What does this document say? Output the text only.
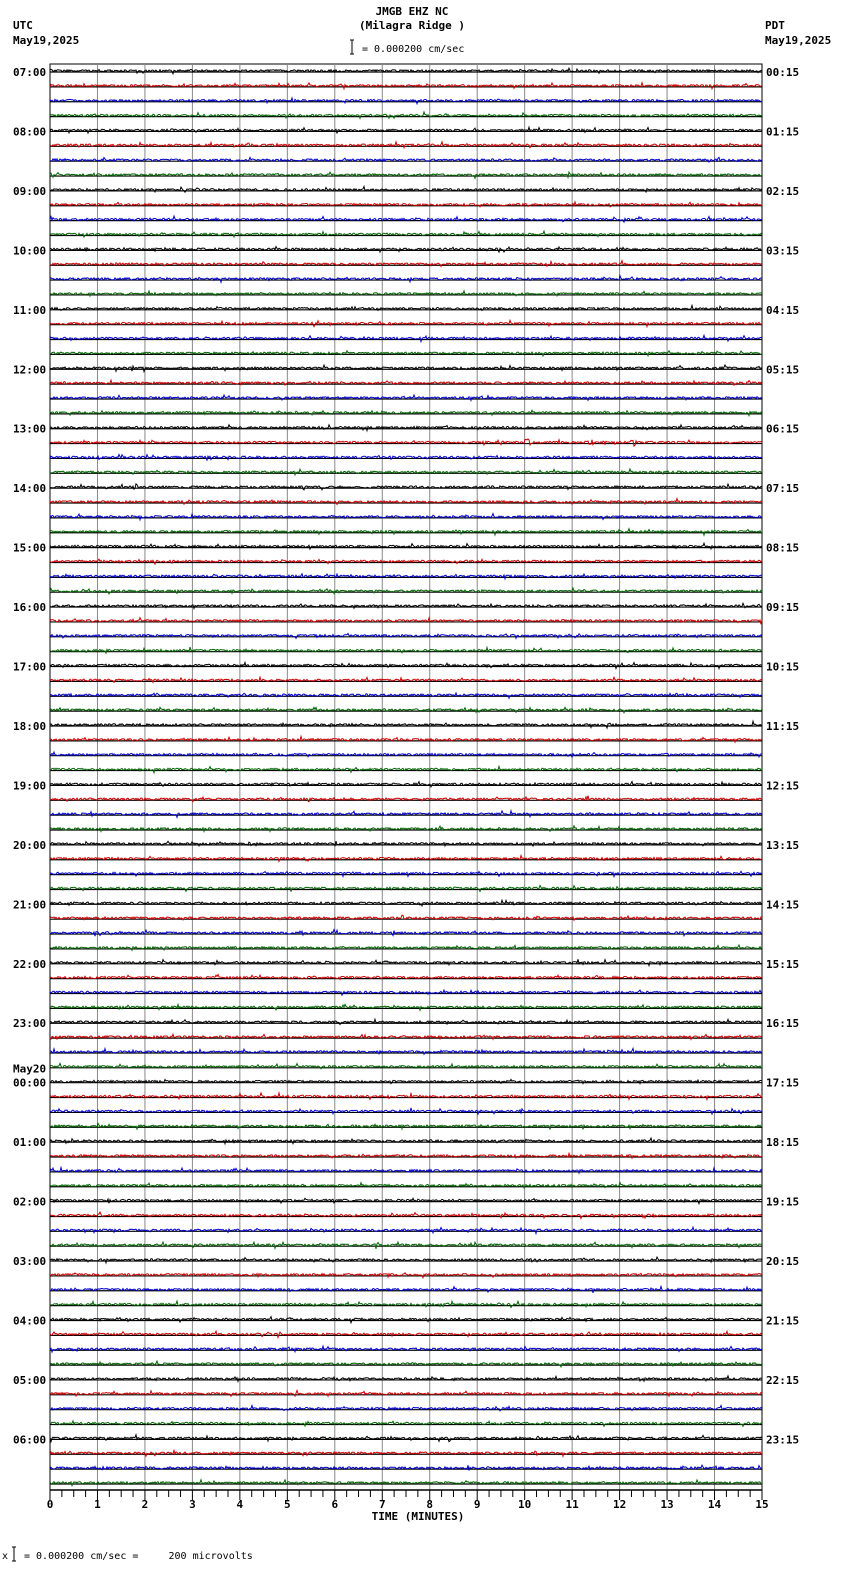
JMGB EHZ NC
(Milagra Ridge )
UTC
May19,2025
PDT
May19,2025
= 0.000200 cm/sec
07:00
08:00
09:00
10:00
11:00
12:00
13:00
14:00
15:00
16:00
17:00
18:00
19:00
20:00
21:00
22:00
23:00
00:00
May20
01:00
02:00
03:00
04:00
05:00
06:00
00:15
01:15
02:15
03:15
04:15
05:15
06:15
07:15
08:15
09:15
10:15
11:15
12:15
13:15
14:15
15:15
16:15
17:15
18:15
19:15
20:15
21:15
22:15
23:15
0	1	2	3	4	5	6	7	8	9	10	11	12	13	14	15
TIME (MINUTES)
x = 0.000200 cm/sec =     200 microvolts
